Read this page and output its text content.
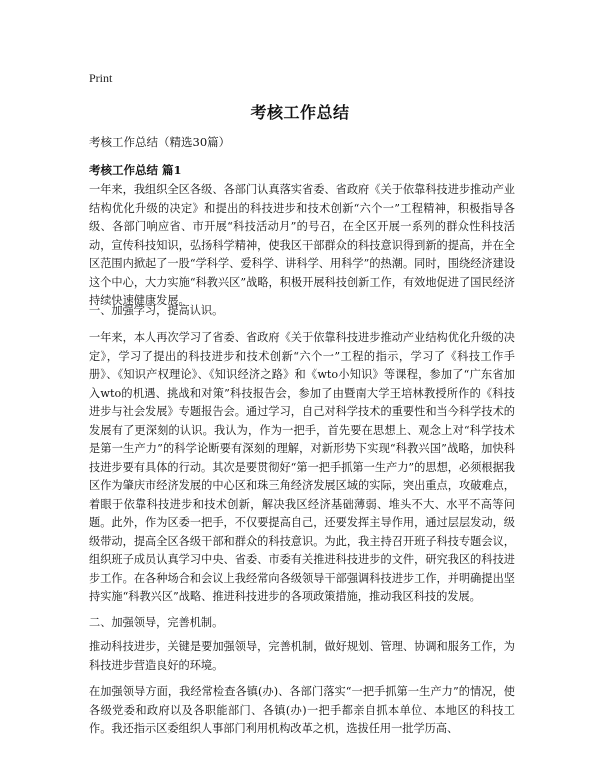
Print
考核工作总结
考核工作总结（精选30篇）
考核工作总结 篇1

一年来，我组织全区各级、各部门认真落实省委、省政府《关于依靠科技进步推动产业结构优化升级的决定》和提出的科技进步和技术创新“六个一”工程精神，积极指导各级、各部门响应省、市开展“科技活动月”的号召，在全区开展一系列的群众性科技活动，宣传科技知识，弘扬科学精神，使我区干部群众的科技意识得到新的提高，并在全区范围内掀起了一股“学科学、爱科学、讲科学、用科学”的热潮。同时，围绕经济建设这个中心，大力实施“科教兴区”战略，积极开展科技创新工作，有效地促进了国民经济持续快速健康发展。

一、加强学习，提高认识。

一年来，本人再次学习了省委、省政府《关于依靠科技进步推动产业结构优化升级的决定》，学习了提出的科技进步和技术创新“六个一”工程的指示，学习了《科技工作手册》、《知识产权理论》、《知识经济之路》和《wto小知识》等课程，参加了“广东省加入wto的机遇、挑战和对策”科技报告会，参加了由暨南大学王培林教授所作的《科技进步与社会发展》专题报告会。通过学习，自己对科学技术的重要性和当今科学技术的发展有了更深刻的认识。我认为，作为一把手，首先要在思想上、观念上对“科学技术是第一生产力”的科学论断要有深刻的理解，对新形势下实现“科教兴国”战略，加快科技进步要有具体的行动。其次是要贯彻好“第一把手抓第一生产力”的思想，必须根据我区作为肇庆市经济发展的中心区和珠三角经济发展区域的实际，突出重点，攻破难点，着眼于依靠科技进步和技术创新，解决我区经济基础薄弱、堆头不大、水平不高等问题。此外，作为区委一把手，不仅要提高自己，还要发挥主导作用，通过层层发动，级级带动，提高全区各级干部和群众的科技意识。为此，我主持召开班子科技专题会议，组织班子成员认真学习中央、省委、市委有关推进科技进步的文件，研究我区的科技进步工作。在各种场合和会议上我经常向各级领导干部强调科技进步工作，并明确提出坚持实施“科教兴区”战略、推进科技进步的各项政策措施，推动我区科技的发展。

二、加强领导，完善机制。

推动科技进步，关键是要加强领导，完善机制，做好规划、管理、协调和服务工作，为科技进步营造良好的环境。

在加强领导方面，我经常检查各镇(办)、各部门落实“一把手抓第一生产力”的情况，使各级党委和政府以及各职能部门、各镇(办)一把手都亲自抓本单位、本地区的科技工作。我还指示区委组织人事部门利用机构改革之机，选拔任用一批学历高、
